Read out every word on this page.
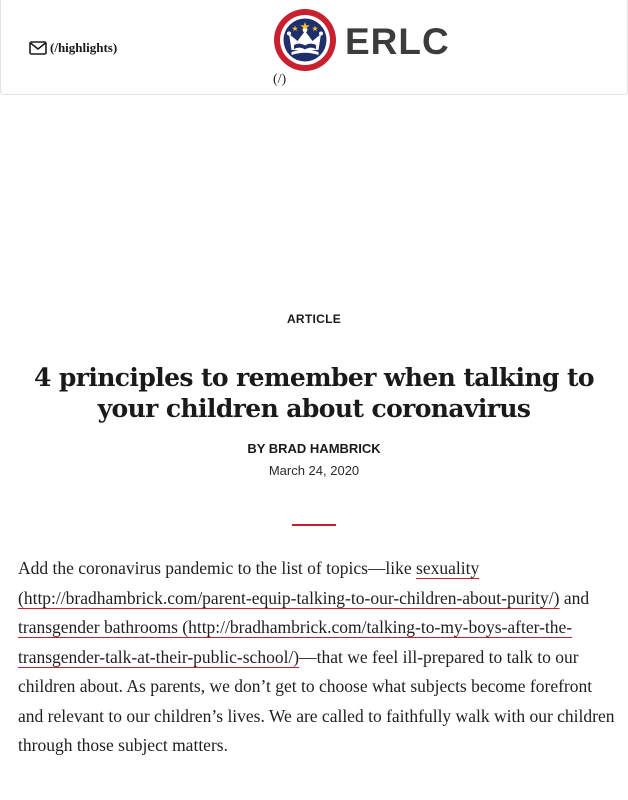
(/highlights)	ERLC
(/)
ARTICLE
4 principles to remember when talking to your children about coronavirus
BY BRAD HAMBRICK
March 24, 2020

Add the coronavirus pandemic to the list of topics—like sexuality (http://bradhambrick.com/parent-equip-talking-to-our-children-about-purity/) and transgender bathrooms (http://bradhambrick.com/talking-to-my-boys-after-the-transgender-talk-at-their-public-school/)—that we feel ill-prepared to talk to our children about. As parents, we don’t get to choose what subjects become forefront and relevant to our children’s lives. We are called to faithfully walk with our children through those subject matters.
